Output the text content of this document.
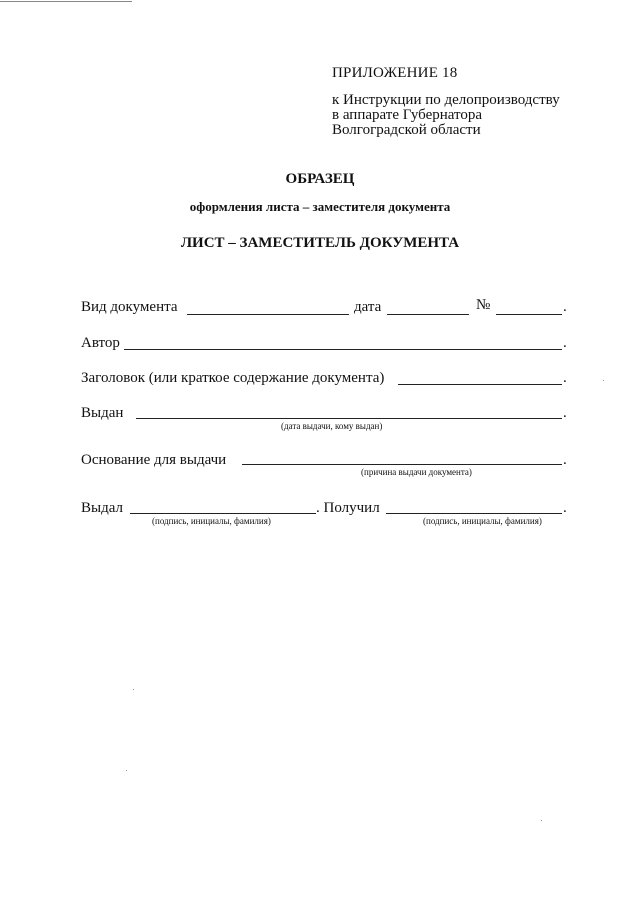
ПРИЛОЖЕНИЕ 18
к Инструкции по делопроизводству
в аппарате Губернатора
Волгоградской области
ОБРАЗЕЦ
оформления листа – заместителя документа
ЛИСТ – ЗАМЕСТИТЕЛЬ ДОКУМЕНТА
Вид документа	дата	№	.
Автор	.
Заголовок (или краткое содержание документа)	.
Выдан	.
(дата выдачи, кому выдан)
Основание для выдачи	.
(причина выдачи документа)
Выдал	. Получил	.
(подпись, инициалы, фамилия)	(подпись, инициалы, фамилия)
